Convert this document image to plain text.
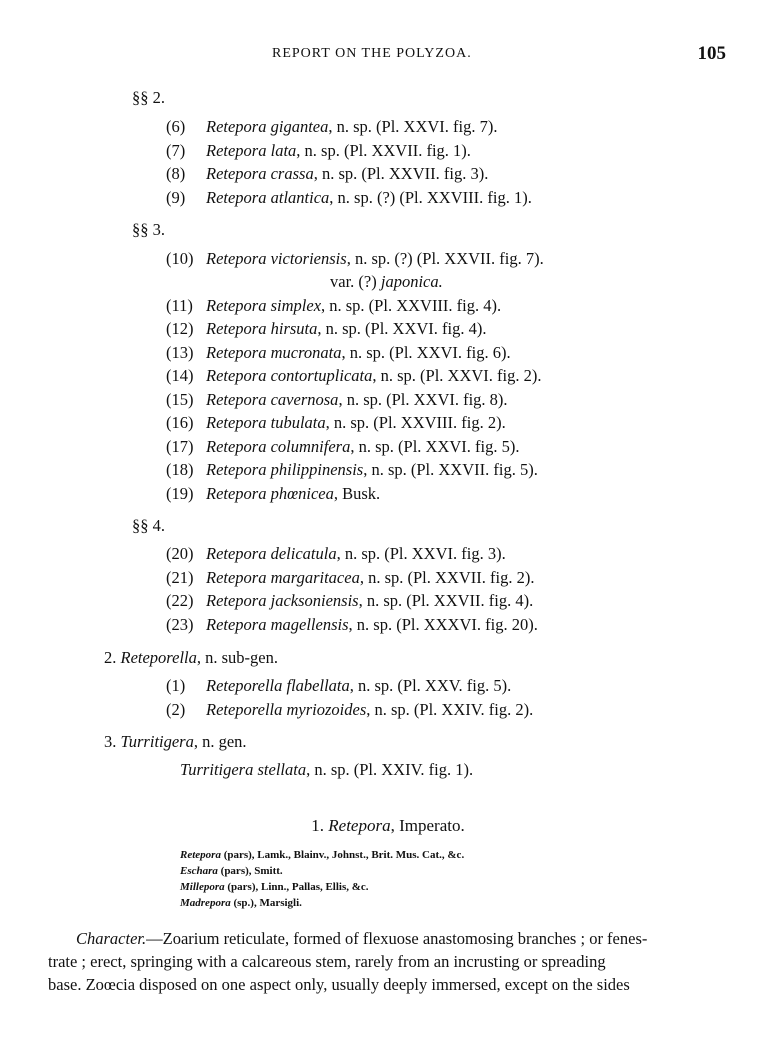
REPORT ON THE POLYZOA.	105
§§ 2.
(6) Retepora gigantea, n. sp. (Pl. XXVI. fig. 7).
(7) Retepora lata, n. sp. (Pl. XXVII. fig. 1).
(8) Retepora crassa, n. sp. (Pl. XXVII. fig. 3).
(9) Retepora atlantica, n. sp. (?) (Pl. XXVIII. fig. 1).
§§ 3.
(10) Retepora victoriensis, n. sp. (?) (Pl. XXVII. fig. 7).
var. (?) japonica.
(11) Retepora simplex, n. sp. (Pl. XXVIII. fig. 4).
(12) Retepora hirsuta, n. sp. (Pl. XXVI. fig. 4).
(13) Retepora mucronata, n. sp. (Pl. XXVI. fig. 6).
(14) Retepora contortuplicata, n. sp. (Pl. XXVI. fig. 2).
(15) Retepora cavernosa, n. sp. (Pl. XXVI. fig. 8).
(16) Retepora tubulata, n. sp. (Pl. XXVIII. fig. 2).
(17) Retepora columnifera, n. sp. (Pl. XXVI. fig. 5).
(18) Retepora philippinensis, n. sp. (Pl. XXVII. fig. 5).
(19) Retepora phœnicea, Busk.
§§ 4.
(20) Retepora delicatula, n. sp. (Pl. XXVI. fig. 3).
(21) Retepora margaritacea, n. sp. (Pl. XXVII. fig. 2).
(22) Retepora jacksoniensis, n. sp. (Pl. XXVII. fig. 4).
(23) Retepora magellensis, n. sp. (Pl. XXXVI. fig. 20).
2. Reteporella, n. sub-gen.
(1) Reteporella flabellata, n. sp. (Pl. XXV. fig. 5).
(2) Reteporella myriozoides, n. sp. (Pl. XXIV. fig. 2).
3. Turritigera, n. gen.
Turritigera stellata, n. sp. (Pl. XXIV. fig. 1).
1. Retepora, Imperato.
Retepora (pars), Lamk., Blainv., Johnst., Brit. Mus. Cat., &c.
Eschara (pars), Smitt.
Millepora (pars), Linn., Pallas, Ellis, &c.
Madrepora (sp.), Marsigli.
Character.—Zoarium reticulate, formed of flexuose anastomosing branches ; or fenes-
trate ; erect, springing with a calcareous stem, rarely from an incrusting or spreading
base. Zoœcia disposed on one aspect only, usually deeply immersed, except on the sides
